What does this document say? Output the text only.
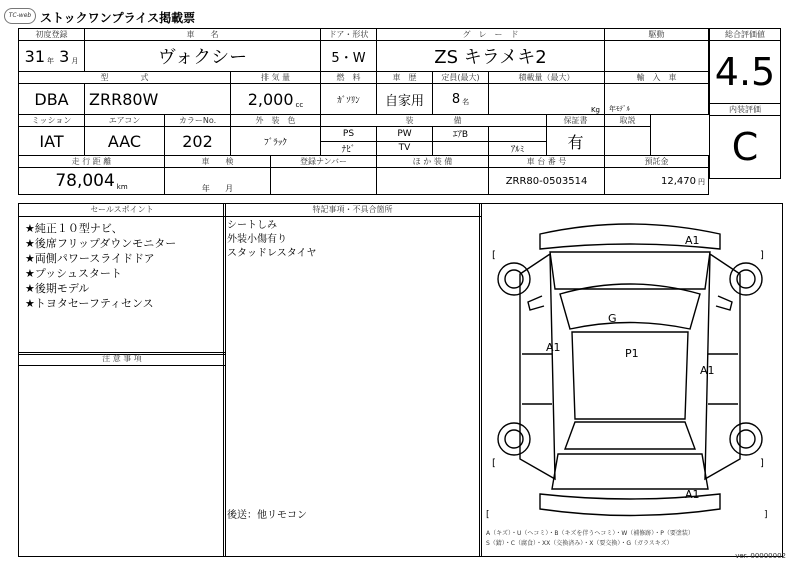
TC-web ストックワンプライス掲載票
初度登録	車　　名				ドア・形状	グ　レ　ー　ド				駆動	
31 年 3 月	ヴォクシー				5・W	ZS キラメキ2					
型　　　　式			排 気 量		燃　料	車　歴	定員(最大)	積載量（最大）		輸　入　車	
DBA	ZRR80W		2,000 cc		ｶﾞｿﾘﾝ	自家用	8 名	Kg		年ﾓﾃﾞﾙ	
ミッション	エアコン	カラーNo.	外　装　色		装　　　　　備				保証書	取説	
IAT	AAC	202	ﾌﾞﾗｯｸ		PS	PW	ｴｱB		有		
					ﾅﾋﾞ	TV		ｱﾙﾐ			
走 行 距 離		車　　検		登録ナンバー		ほ か 装 備		車 台 番 号		預託金	
78,004 km		年 月						ZRR80-0503514		12,470 円	
総合評価値
4.5
内装評価
C
セールスポイント
★純正１０型ナビ、
★後席フリップダウンモニター
★両側パワースライドドア
★プッシュスタート
★後期モデル
★トヨタセーフティセンス
注 意 事 項
特記事項・不具合箇所
シートしみ
外装小傷有り
スタッドレスタイヤ
後送：他リモコン
[	]
[	]
A1
A1	P1
G
A1
A1
[	]
A（キズ）・U（ヘコミ）・B（キズを伴うヘコミ）・W（補修跡）・P（要塗装）
S（錆）・C（腐食）・XX（交換済み）・X（要交換）・G（ガラスキズ）
ver. 00000002
